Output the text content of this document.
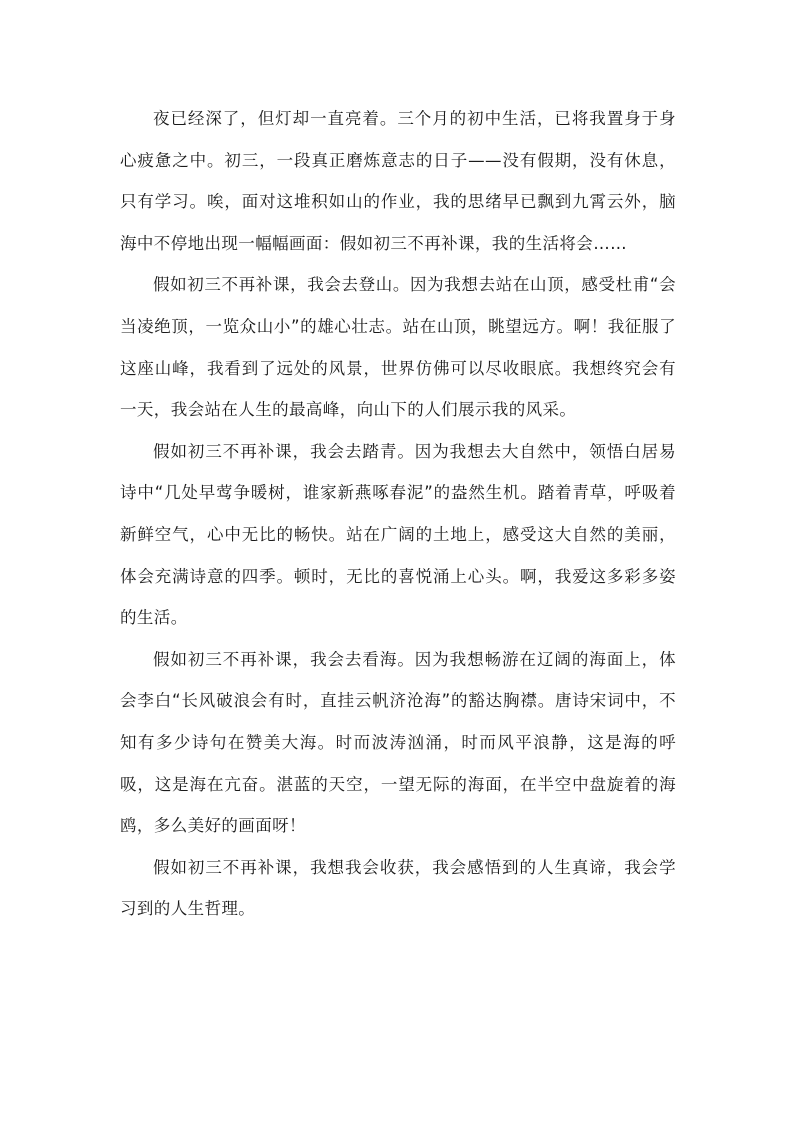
夜已经深了，但灯却一直亮着。三个月的初中生活，已将我置身于身心疲惫之中。初三，一段真正磨炼意志的日子——没有假期，没有休息，只有学习。唉，面对这堆积如山的作业，我的思绪早已飘到九霄云外，脑海中不停地出现一幅幅画面：假如初三不再补课，我的生活将会……

假如初三不再补课，我会去登山。因为我想去站在山顶，感受杜甫“会当凌绝顶，一览众山小”的雄心壮志。站在山顶，眺望远方。啊！我征服了这座山峰，我看到了远处的风景，世界仿佛可以尽收眼底。我想终究会有一天，我会站在人生的最高峰，向山下的人们展示我的风采。

假如初三不再补课，我会去踏青。因为我想去大自然中，领悟白居易诗中“几处早莺争暖树，谁家新燕啄春泥”的盎然生机。踏着青草，呼吸着新鲜空气，心中无比的畅快。站在广阔的土地上，感受这大自然的美丽，体会充满诗意的四季。顿时，无比的喜悦涌上心头。啊，我爱这多彩多姿的生活。

假如初三不再补课，我会去看海。因为我想畅游在辽阔的海面上，体会李白“长风破浪会有时，直挂云帆济沧海”的豁达胸襟。唐诗宋词中，不知有多少诗句在赞美大海。时而波涛汹涌，时而风平浪静，这是海的呼吸，这是海在亢奋。湛蓝的天空，一望无际的海面，在半空中盘旋着的海鸥，多么美好的画面呀！

假如初三不再补课，我想我会收获，我会感悟到的人生真谛，我会学习到的人生哲理。
